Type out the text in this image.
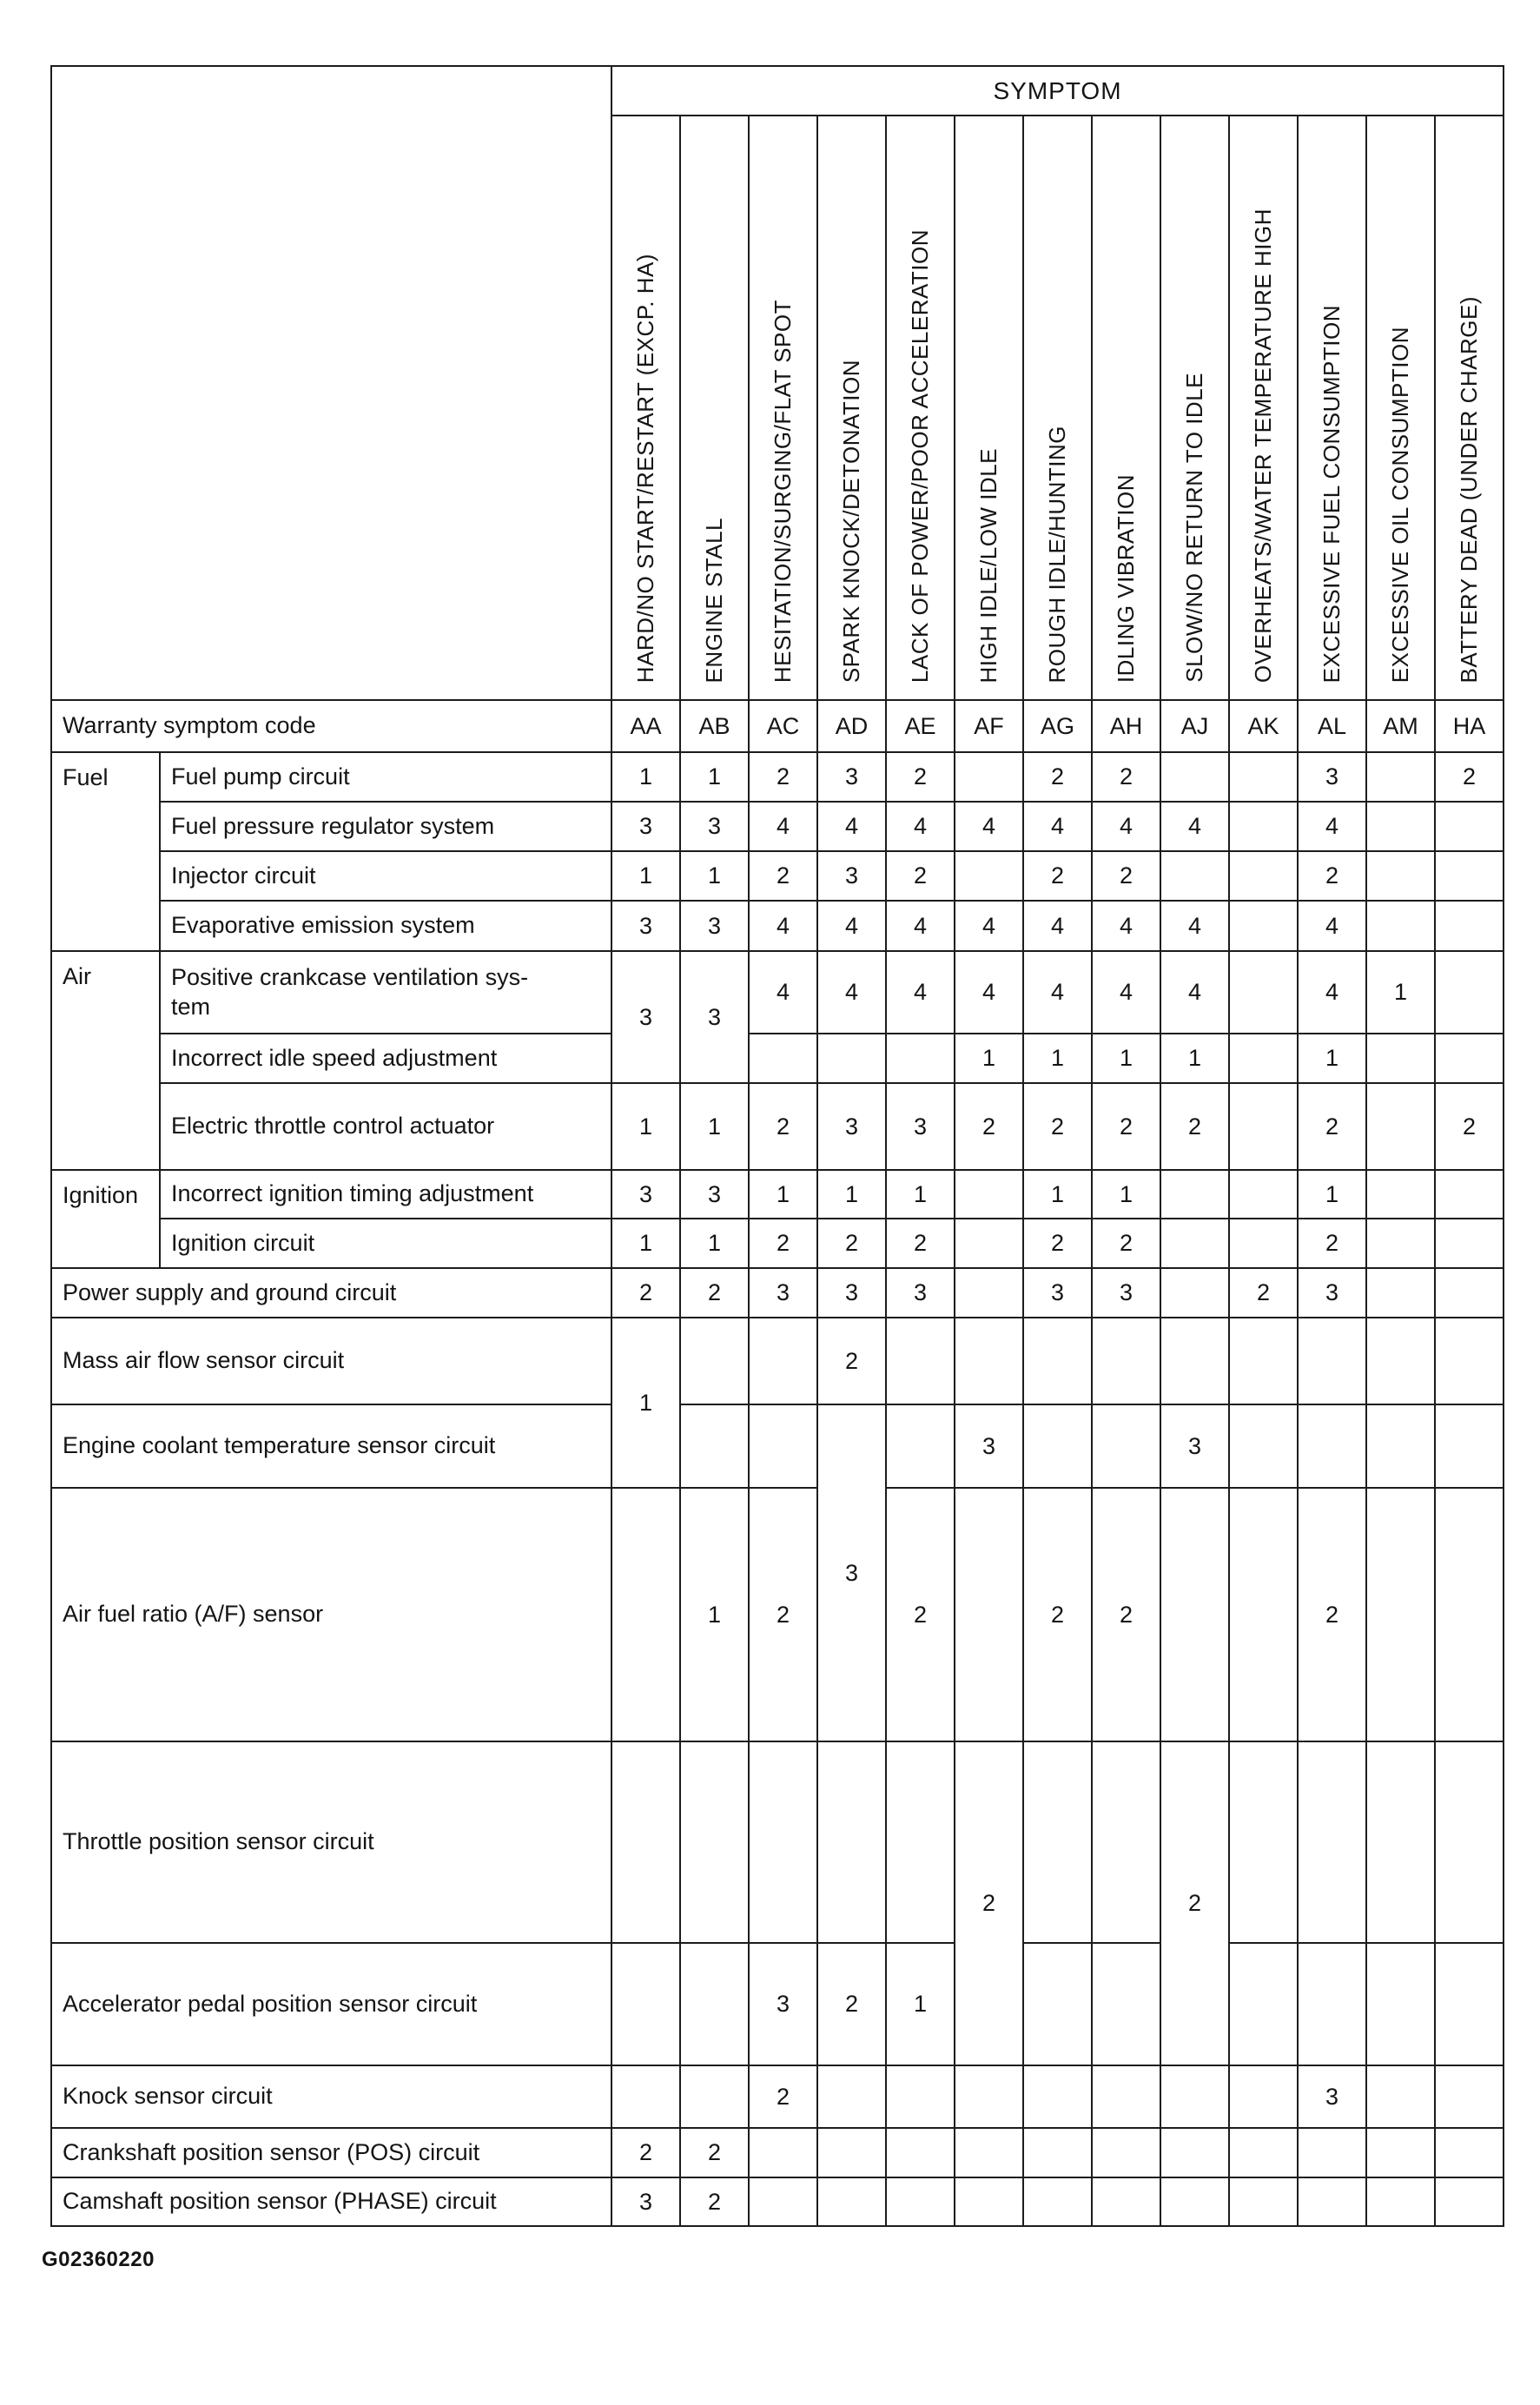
		SYMPTOM												
		HARD/NO START/RESTART (EXCP. HA)	ENGINE STALL	HESITATION/SURGING/FLAT SPOT	SPARK KNOCK/DETONATION	LACK OF POWER/POOR ACCELERATION	HIGH IDLE/LOW IDLE	ROUGH IDLE/HUNTING	IDLING VIBRATION	SLOW/NO RETURN TO IDLE	OVERHEATS/WATER TEMPERATURE HIGH	EXCESSIVE FUEL CONSUMPTION	EXCESSIVE OIL CONSUMPTION	BATTERY DEAD (UNDER CHARGE)
Warranty symptom code		AA	AB	AC	AD	AE	AF	AG	AH	AJ	AK	AL	AM	HA
Fuel	Fuel pump circuit	1	1	2	3	2		2	2			3		2
	Fuel pressure regulator system	3	3	4	4	4	4	4	4	4		4		
	Injector circuit	1	1	2	3	2		2	2			2		
	Evaporative emission system	3	3	4	4	4	4	4	4	4		4		
Air	Positive crankcase ventilation sys-
tem	3	3	4	4	4	4	4	4	4		4	1	
	Incorrect idle speed adjustment						1	1	1	1		1		
	Electric throttle control actuator	1	1	2	3	3	2	2	2	2		2		2
Ignition	Incorrect ignition timing adjustment	3	3	1	1	1		1	1			1		
	Ignition circuit	1	1	2	2	2		2	2			2		
Power supply and ground circuit		2	2	3	3	3		3	3		2	3		
Mass air flow sensor circuit		1			2									
Engine coolant temperature sensor circuit					3		3			3				
Air fuel ratio (A/F) sensor			1	2		2		2	2			2		
Throttle position sensor circuit							2			2				
Accelerator pedal position sensor circuit				3	2	1								
Knock sensor circuit				2								3		
Crankshaft position sensor (POS) circuit		2	2											
Camshaft position sensor (PHASE) circuit		3	2											
G02360220
